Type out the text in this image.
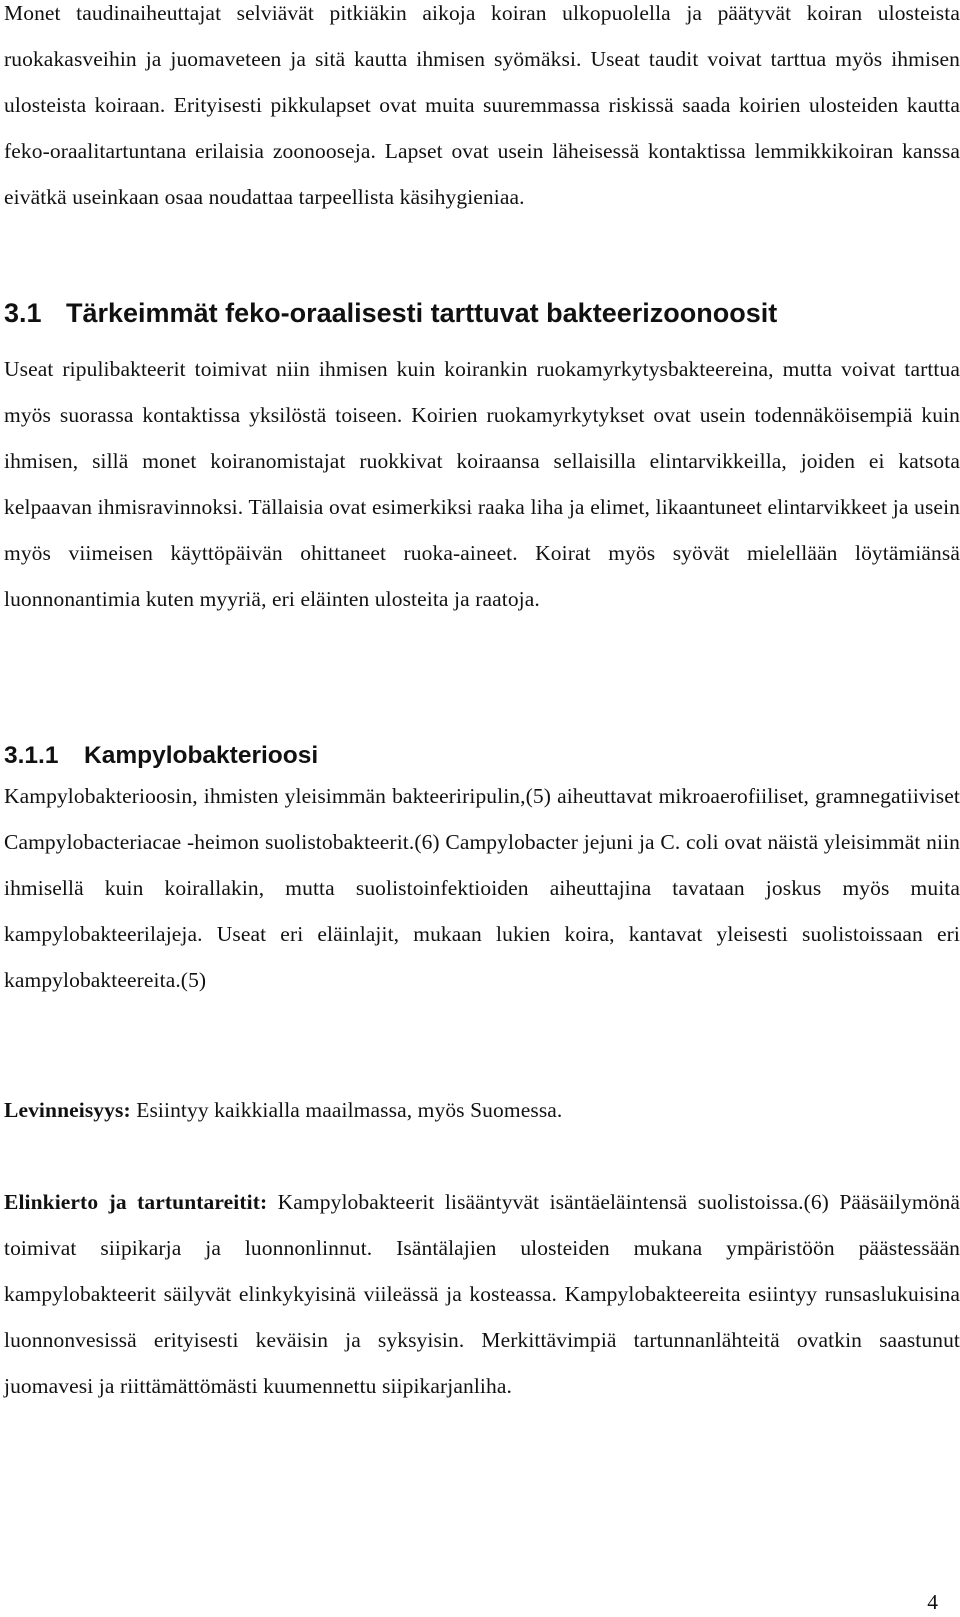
Monet taudinaiheuttajat selviävät pitkiäkin aikoja koiran ulkopuolella ja päätyvät koiran ulosteista ruokakasveihin ja juomaveteen ja sitä kautta ihmisen syömäksi. Useat taudit voivat tarttua myös ihmisen ulosteista koiraan. Erityisesti pikkulapset ovat muita suuremmassa riskissä saada koirien ulosteiden kautta feko-oraalitartuntana erilaisia zoonooseja. Lapset ovat usein läheisessä kontaktissa lemmikkikoiran kanssa eivätkä useinkaan osaa noudattaa tarpeellista käsihygieniaa.

3.1 Tärkeimmät feko-oraalisesti tarttuvat bakteerizoonoosit

Useat ripulibakteerit toimivat niin ihmisen kuin koirankin ruokamyrkytysbakteereina, mutta voivat tarttua myös suorassa kontaktissa yksilöstä toiseen. Koirien ruokamyrkytykset ovat usein todennäköisempiä kuin ihmisen, sillä monet koiranomistajat ruokkivat koiraansa sellaisilla elintarvikkeilla, joiden ei katsota kelpaavan ihmisravinnoksi. Tällaisia ovat esimerkiksi raaka liha ja elimet, likaantuneet elintarvikkeet ja usein myös viimeisen käyttöpäivän ohittaneet ruoka-aineet. Koirat myös syövät mielellään löytämiänsä luonnonantimia kuten myyriä, eri eläinten ulosteita ja raatoja.

3.1.1 Kampylobakterioosi

Kampylobakterioosin, ihmisten yleisimmän bakteeriripulin,(5) aiheuttavat mikroaerofiiliset, gramnegatiiviset Campylobacteriacae -heimon suolistobakteerit.(6) Campylobacter jejuni ja C. coli ovat näistä yleisimmät niin ihmisellä kuin koirallakin, mutta suolistoinfektioiden aiheuttajina tavataan joskus myös muita kampylobakteerilajeja. Useat eri eläinlajit, mukaan lukien koira, kantavat yleisesti suolistoissaan eri kampylobakteereita.(5)

Levinneisyys: Esiintyy kaikkialla maailmassa, myös Suomessa.

Elinkierto ja tartuntareitit: Kampylobakteerit lisääntyvät isäntäeläintensä suolistoissa.(6) Pääsäilymönä toimivat siipikarja ja luonnonlinnut. Isäntälajien ulosteiden mukana ympäristöön päästessään kampylobakteerit säilyvät elinkykyisinä viileässä ja kosteassa. Kampylobakteereita esiintyy runsaslukuisina luonnonvesissä erityisesti keväisin ja syksyisin. Merkittävimpiä tartunnanlähteitä ovatkin saastunut juomavesi ja riittämättömästi kuumennettu siipikarjanliha.

4
